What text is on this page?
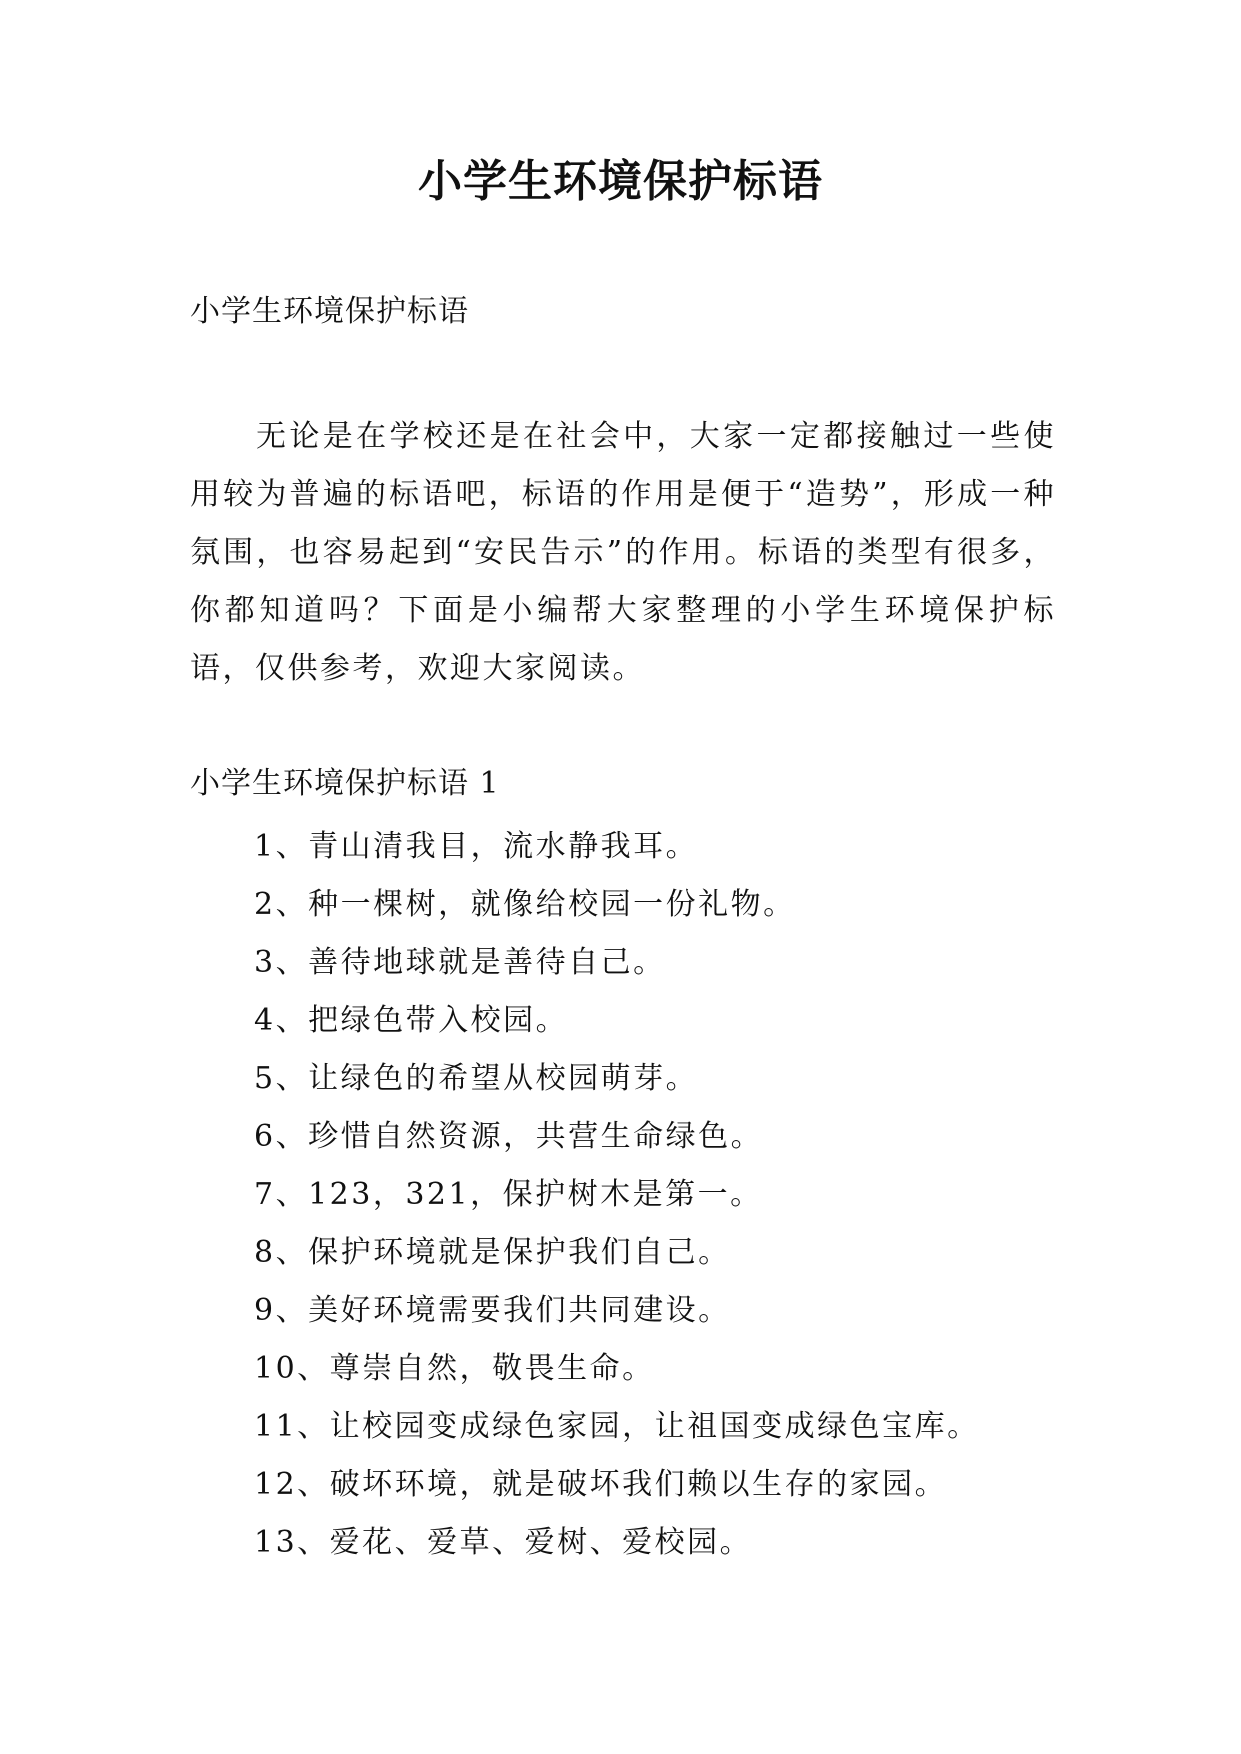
小学生环境保护标语
小学生环境保护标语

无论是在学校还是在社会中，大家一定都接触过一些使用较为普遍的标语吧，标语的作用是便于“造势”，形成一种氛围，也容易起到“安民告示”的作用。标语的类型有很多，你都知道吗？下面是小编帮大家整理的小学生环境保护标语，仅供参考，欢迎大家阅读。

小学生环境保护标语 1
1、青山清我目，流水静我耳。
2、种一棵树，就像给校园一份礼物。
3、善待地球就是善待自己。
4、把绿色带入校园。
5、让绿色的希望从校园萌芽。
6、珍惜自然资源，共营生命绿色。
7、123，321，保护树木是第一。
8、保护环境就是保护我们自己。
9、美好环境需要我们共同建设。
10、尊崇自然，敬畏生命。
11、让校园变成绿色家园，让祖国变成绿色宝库。
12、破坏环境，就是破坏我们赖以生存的家园。
13、爱花、爱草、爱树、爱校园。
